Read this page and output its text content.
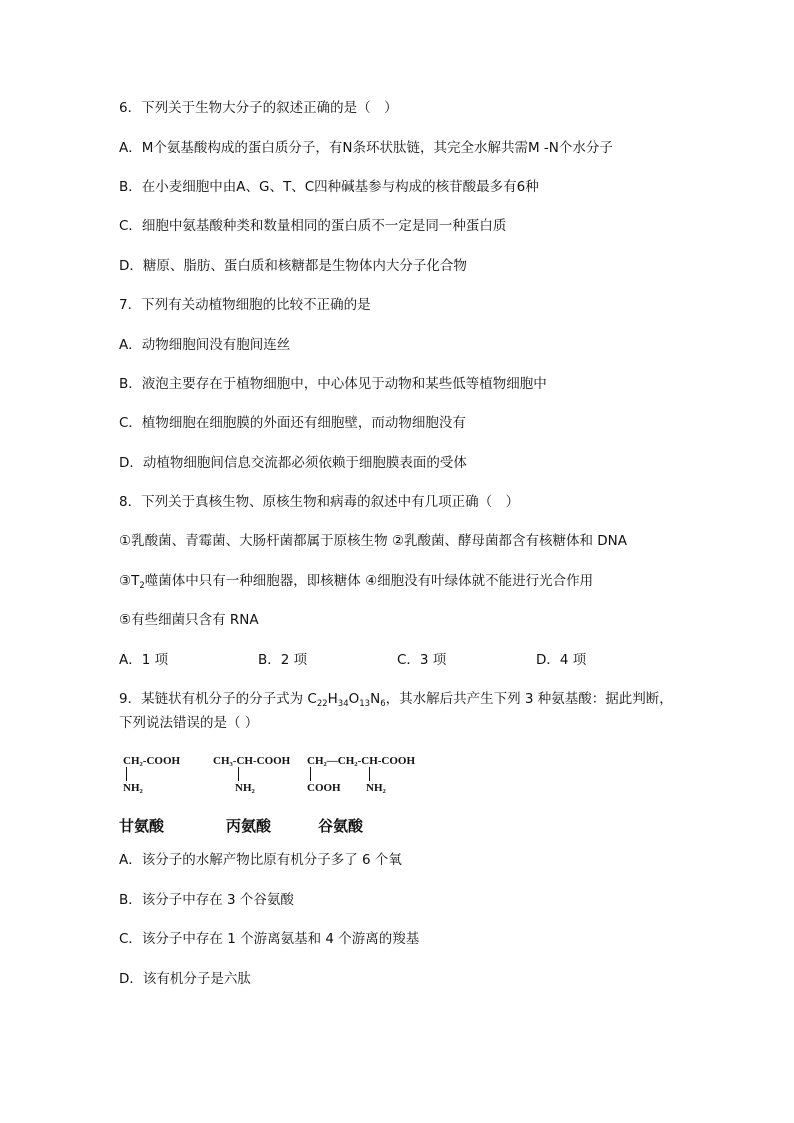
6．下列关于生物大分子的叙述正确的是（　）
A．M个氨基酸构成的蛋白质分子，有N条环状肽链，其完全水解共需M -N个水分子
B．在小麦细胞中由A、G、T、C四种碱基参与构成的核苷酸最多有6种
C．细胞中氨基酸种类和数量相同的蛋白质不一定是同一种蛋白质
D．糖原、脂肪、蛋白质和核糖都是生物体内大分子化合物
7．下列有关动植物细胞的比较不正确的是
A．动物细胞间没有胞间连丝
B．液泡主要存在于植物细胞中，中心体见于动物和某些低等植物细胞中
C．植物细胞在细胞膜的外面还有细胞壁，而动物细胞没有
D．动植物细胞间信息交流都必须依赖于细胞膜表面的受体
8．下列关于真核生物、原核生物和病毒的叙述中有几项正确（　）
①乳酸菌、青霉菌、大肠杆菌都属于原核生物 ②乳酸菌、酵母菌都含有核糖体和 DNA
$③T_2$噬菌体中只有一种细胞器，即核糖体 ④细胞没有叶绿体就不能进行光合作用
⑤有些细菌只含有 RNA
A．1 项	B．2 项	C．3 项	D．4 项
9．某链状有机分子的分子式为 $C_{22}H_{34}O_{13}N_6$，其水解后共产生下列 3 种氨基酸：据此判断，
下列说法错误的是（ ）
CH₂-COOH
NH₂
CH₃-CH-COOH
NH₂
CH₂—CH₂-CH-COOH
COOH NH₂
甘氨酸	丙氨酸	谷氨酸
A．该分子的水解产物比原有机分子多了 6 个氧
B．该分子中存在 3 个谷氨酸
C．该分子中存在 1 个游离氨基和 4 个游离的羧基
D．该有机分子是六肽
